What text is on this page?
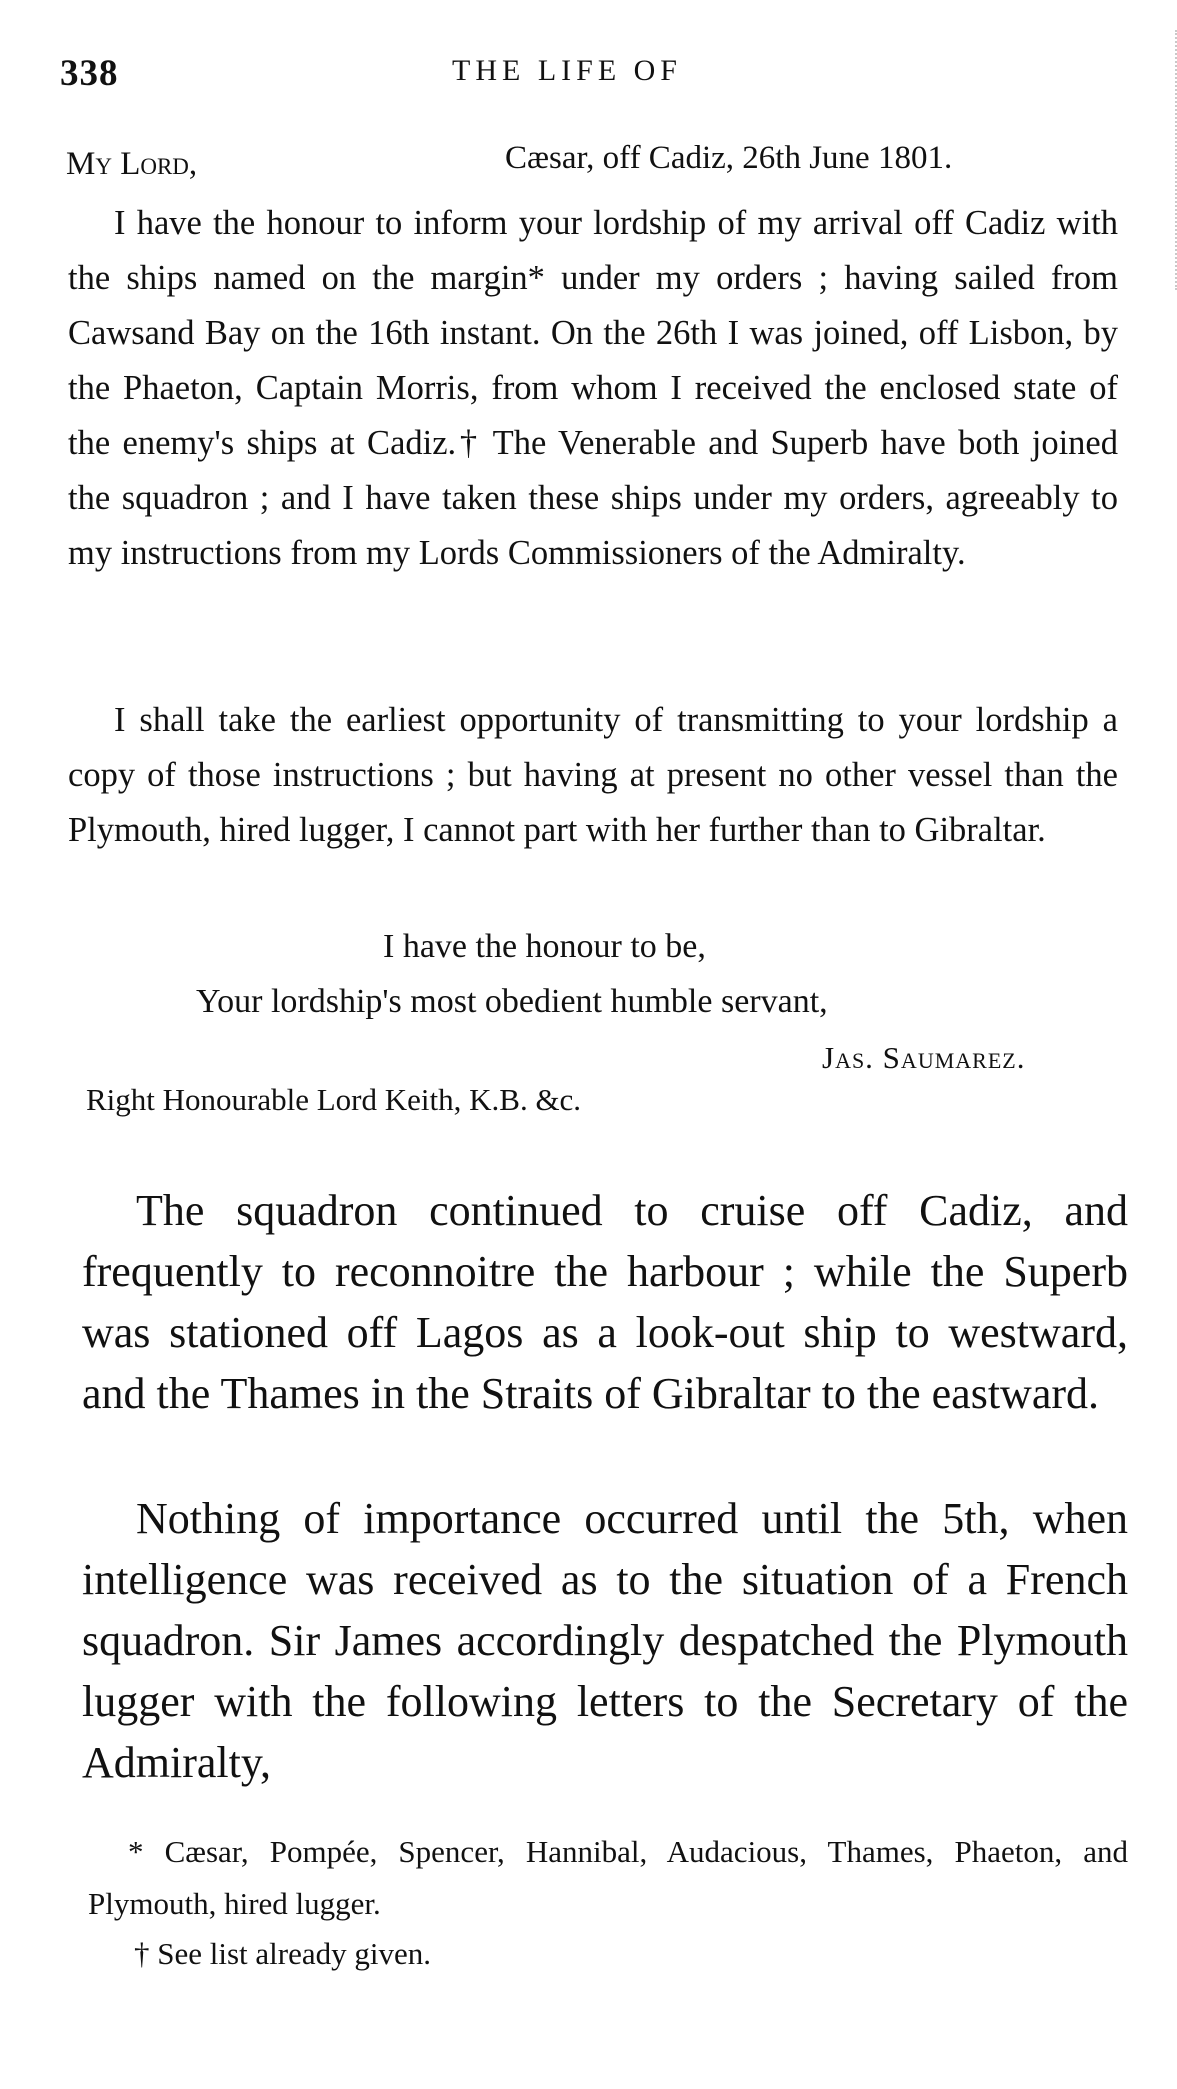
338	THE LIFE OF
My Lord,	Cæsar, off Cadiz, 26th June 1801.

I have the honour to inform your lordship of my arrival off Cadiz with the ships named on the margin* under my orders ; having sailed from Cawsand Bay on the 16th instant. On the 26th I was joined, off Lisbon, by the Phaeton, Captain Morris, from whom I received the enclosed state of the enemy's ships at Cadiz.† The Venerable and Superb have both joined the squadron ; and I have taken these ships under my orders, agreeably to my instructions from my Lords Commissioners of the Admiralty.

I shall take the earliest opportunity of transmitting to your lordship a copy of those instructions ; but having at present no other vessel than the Plymouth, hired lugger, I cannot part with her further than to Gibraltar.

I have the honour to be,
Your lordship's most obedient humble servant,
Jas. Saumarez.
Right Honourable Lord Keith, K.B. &c.

The squadron continued to cruise off Cadiz, and frequently to reconnoitre the harbour ; while the Superb was stationed off Lagos as a look-out ship to westward, and the Thames in the Straits of Gibraltar to the eastward.

Nothing of importance occurred until the 5th, when intelligence was received as to the situation of a French squadron. Sir James accordingly despatched the Plymouth lugger with the following letters to the Secretary of the Admiralty,

* Cæsar, Pompée, Spencer, Hannibal, Audacious, Thames, Phaeton, and Plymouth, hired lugger.

† See list already given.
